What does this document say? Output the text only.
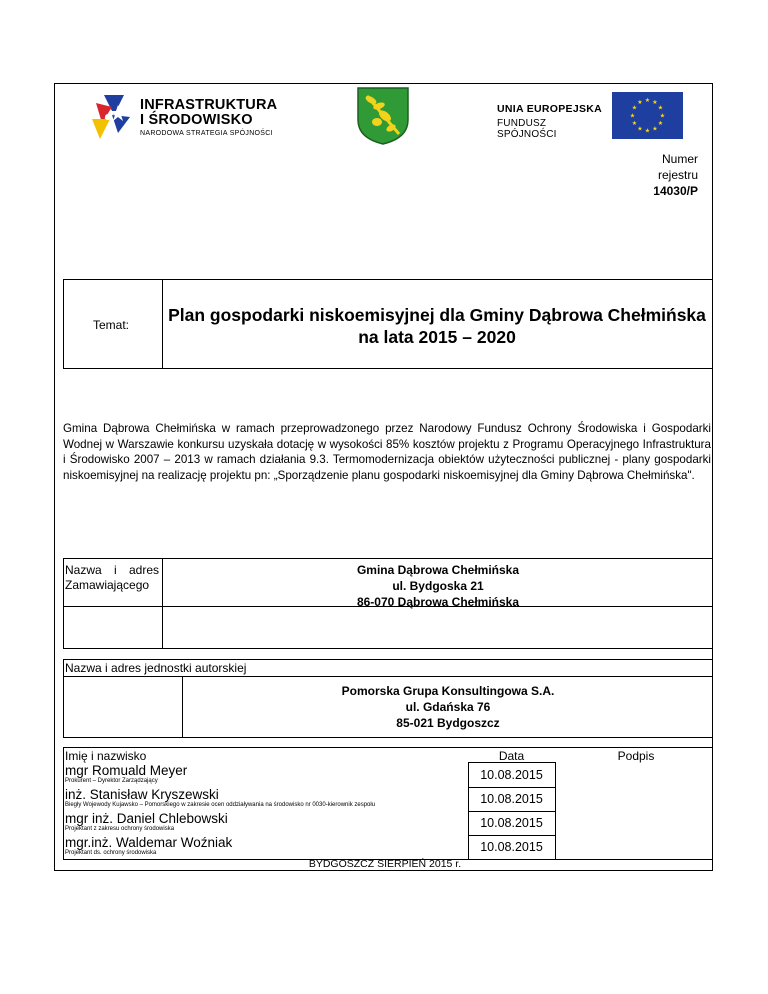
INFRASTRUKTURA
I ŚRODOWISKO
NARODOWA STRATEGIA SPÓJNOŚCI
UNIA EUROPEJSKA
FUNDUSZ SPÓJNOŚCI
★ ★
★
★
★
★
★
★
★
★
★
★
Numer
rejestru
14030/P
Temat: Plan gospodarki niskoemisyjnej dla Gminy Dąbrowa Chełmińska
na lata 2015 – 2020
Gmina Dąbrowa Chełmińska w ramach przeprowadzonego przez Narodowy Fundusz Ochrony Środowiska i Gospodarki Wodnej w Warszawie konkursu uzyskała dotację w wysokości 85% kosztów projektu z Programu Operacyjnego Infrastruktura i Środowisko 2007 – 2013 w ramach działania 9.3. Termomodernizacja obiektów użyteczności publicznej - plany gospodarki niskoemisyjnej na realizację projektu pn: „Sporządzenie planu gospodarki niskoemisyjnej dla Gminy Dąbrowa Chełmińska".
Nazwa i adres Zamawiającego
Gmina Dąbrowa Chełmińska
ul. Bydgoska 21
86-070 Dąbrowa Chełmińska
Nazwa i adres jednostki autorskiej
Pomorska Grupa Konsultingowa S.A.
ul. Gdańska 76
85-021 Bydgoszcz
Imię i nazwisko	Data	Podpis
mgr Romuald Meyer
Prokurent – Dyrektor Zarządzający	10.08.2015
inż. Stanisław Kryszewski
Biegły Wojewody Kujawsko – Pomorskiego w zakresie ocen oddziaływania na środowisko nr 0030-kierownik zespołu	10.08.2015
mgr inż. Daniel Chlebowski
Projektant z zakresu ochrony środowiska	10.08.2015
mgr.inż. Waldemar Woźniak
Projektant ds. ochrony środowiska	10.08.2015
BYDGOSZCZ SIERPIEŃ 2015 r.
